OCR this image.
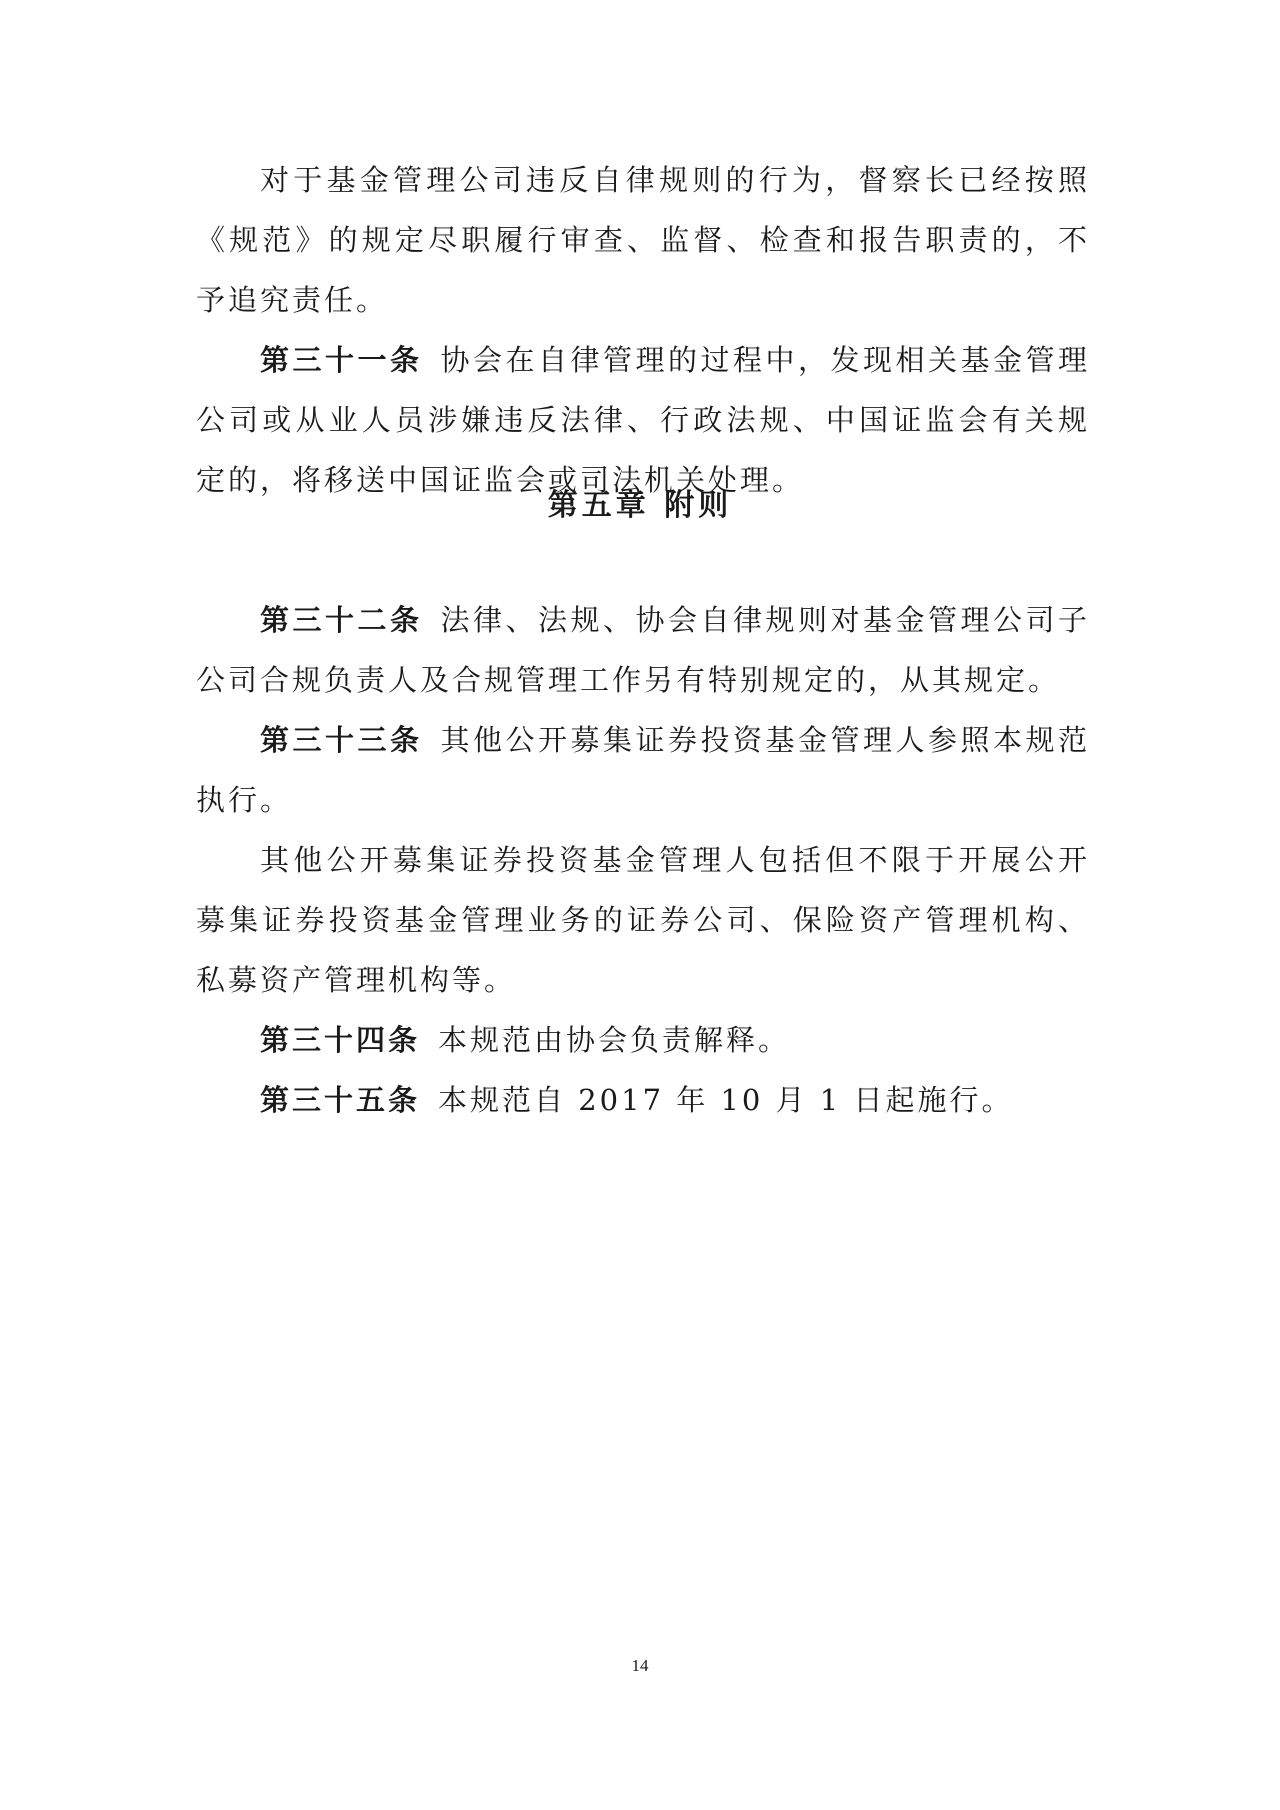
对于基金管理公司违反自律规则的行为，督察长已经按照《规范》的规定尽职履行审查、监督、检查和报告职责的，不予追究责任。

第三十一条 协会在自律管理的过程中，发现相关基金管理公司或从业人员涉嫌违反法律、行政法规、中国证监会有关规定的，将移送中国证监会或司法机关处理。

第五章 附则

第三十二条 法律、法规、协会自律规则对基金管理公司子公司合规负责人及合规管理工作另有特别规定的，从其规定。

第三十三条 其他公开募集证券投资基金管理人参照本规范执行。

其他公开募集证券投资基金管理人包括但不限于开展公开募集证券投资基金管理业务的证券公司、保险资产管理机构、私募资产管理机构等。

第三十四条 本规范由协会负责解释。

第三十五条 本规范自 2017 年 10 月 1 日起施行。

14
